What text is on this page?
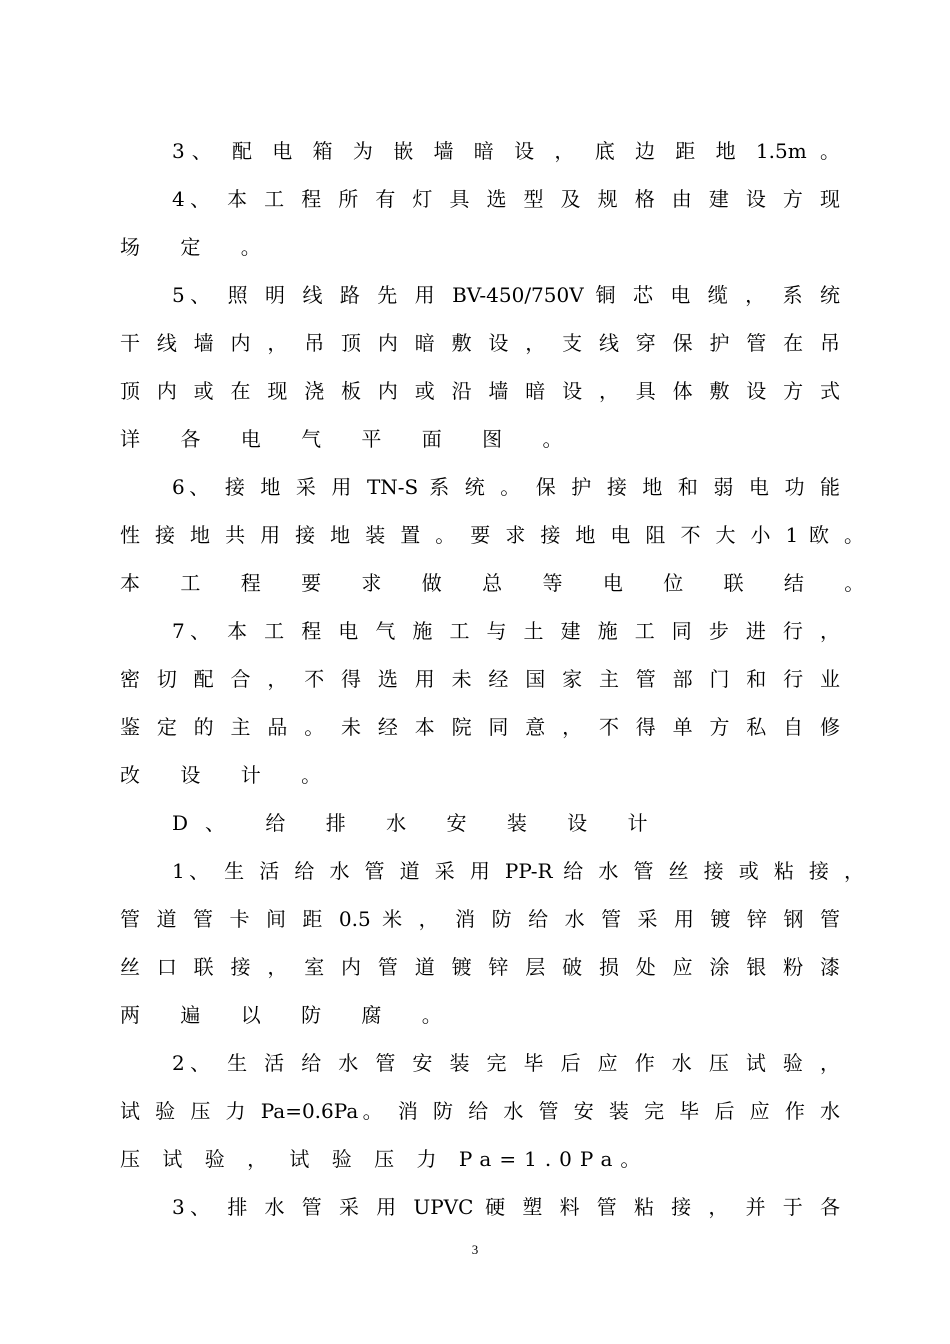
3、 配 电 箱 为 嵌 墙 暗 设 ， 底 边 距 地 1.5m 。
4、 本 工 程 所 有 灯 具 选 型 及 规 格 由 建 设 方 现
场 定 。
5、 照 明 线 路 先 用 BV-450/750V 铜 芯 电 缆 ， 系 统
干 线 墙 内 ， 吊 顶 内 暗 敷 设 ， 支 线 穿 保 护 管 在 吊
顶 内 或 在 现 浇 板 内 或 沿 墙 暗 设 ， 具 体 敷 设 方 式
详 各 电 气 平 面 图 。
6、 接 地 采 用 TN-S 系 统 。 保 护 接 地 和 弱 电 功 能
性 接 地 共 用 接 地 装 置 。 要 求 接 地 电 阻 不 大 小 1 欧 。
本 工 程 要 求 做 总 等 电 位 联 结 。
7、 本 工 程 电 气 施 工 与 土 建 施 工 同 步 进 行 ，
密 切 配 合 ， 不 得 选 用 未 经 国 家 主 管 部 门 和 行 业
鉴 定 的 主 品 。 未 经 本 院 同 意 ， 不 得 单 方 私 自 修
改 设 计 。
D、 给 排 水 安 装 设 计
1、 生 活 给 水 管 道 采 用 PP-R 给 水 管 丝 接 或 粘 接 ，
管 道 管 卡 间 距 0.5 米 ， 消 防 给 水 管 采 用 镀 锌 钢 管
丝 口 联 接 ， 室 内 管 道 镀 锌 层 破 损 处 应 涂 银 粉 漆
两 遍 以 防 腐 。
2、 生 活 给 水 管 安 装 完 毕 后 应 作 水 压 试 验 ，
试 验 压 力 Pa=0.6Pa。 消 防 给 水 管 安 装 完 毕 后 应 作 水
压 试 验 ， 试 验 压 力 Pa=1.0Pa。
3、 排 水 管 采 用 UPVC 硬 塑 料 管 粘 接 ， 并 于 各
3
